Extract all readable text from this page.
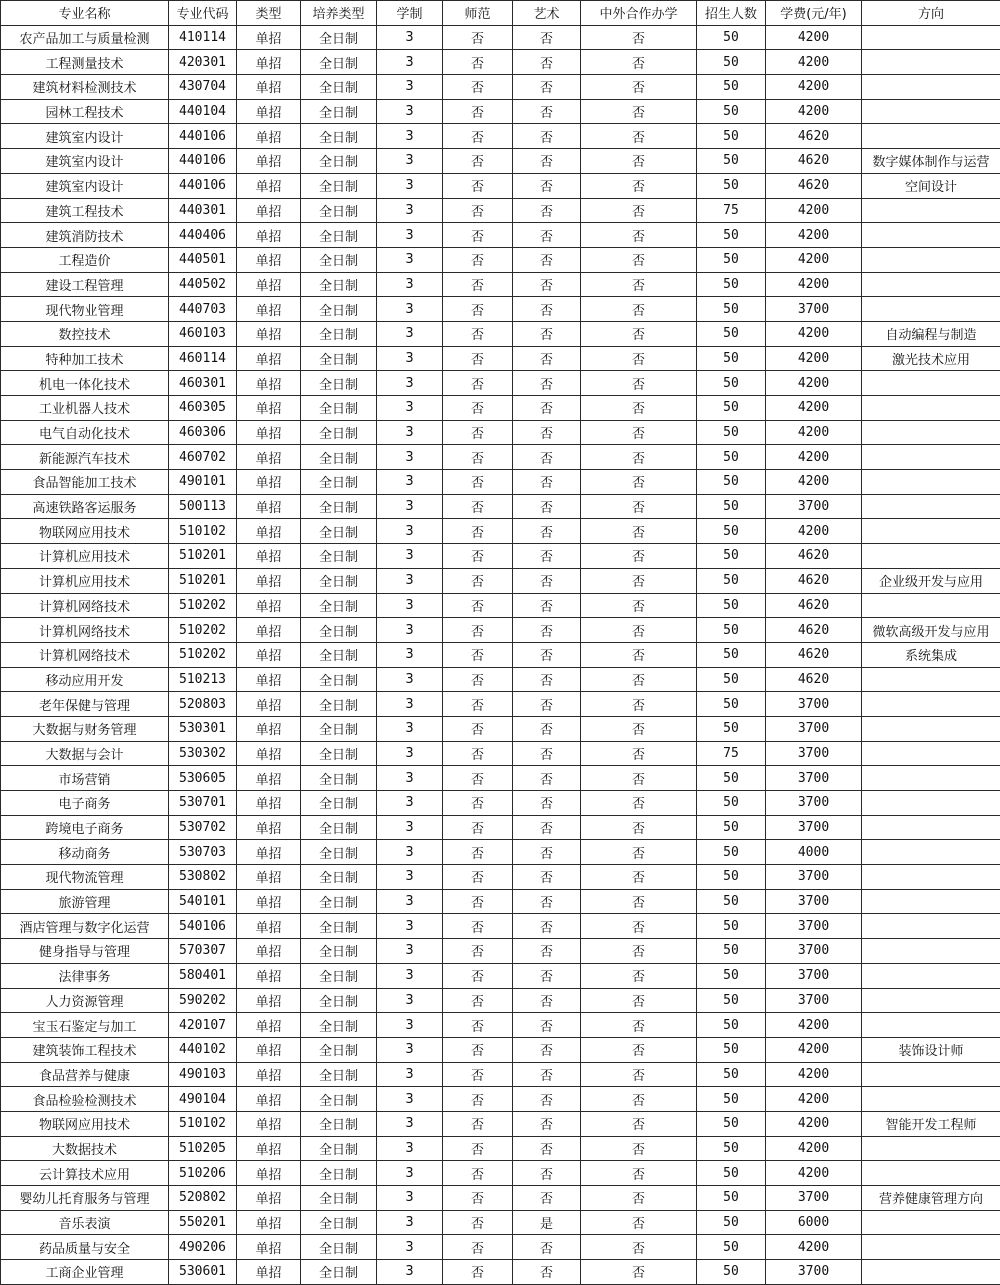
专业名称	专业代码	类型	培养类型	学制	师范	艺术	中外合作办学	招生人数	学费(元/年)	方向
农产品加工与质量检测	410114	单招	全日制	3	否	否	否	50	4200	
工程测量技术	420301	单招	全日制	3	否	否	否	50	4200	
建筑材料检测技术	430704	单招	全日制	3	否	否	否	50	4200	
园林工程技术	440104	单招	全日制	3	否	否	否	50	4200	
建筑室内设计	440106	单招	全日制	3	否	否	否	50	4620	
建筑室内设计	440106	单招	全日制	3	否	否	否	50	4620	数字媒体制作与运营
建筑室内设计	440106	单招	全日制	3	否	否	否	50	4620	空间设计
建筑工程技术	440301	单招	全日制	3	否	否	否	75	4200	
建筑消防技术	440406	单招	全日制	3	否	否	否	50	4200	
工程造价	440501	单招	全日制	3	否	否	否	50	4200	
建设工程管理	440502	单招	全日制	3	否	否	否	50	4200	
现代物业管理	440703	单招	全日制	3	否	否	否	50	3700	
数控技术	460103	单招	全日制	3	否	否	否	50	4200	自动编程与制造
特种加工技术	460114	单招	全日制	3	否	否	否	50	4200	激光技术应用
机电一体化技术	460301	单招	全日制	3	否	否	否	50	4200	
工业机器人技术	460305	单招	全日制	3	否	否	否	50	4200	
电气自动化技术	460306	单招	全日制	3	否	否	否	50	4200	
新能源汽车技术	460702	单招	全日制	3	否	否	否	50	4200	
食品智能加工技术	490101	单招	全日制	3	否	否	否	50	4200	
高速铁路客运服务	500113	单招	全日制	3	否	否	否	50	3700	
物联网应用技术	510102	单招	全日制	3	否	否	否	50	4200	
计算机应用技术	510201	单招	全日制	3	否	否	否	50	4620	
计算机应用技术	510201	单招	全日制	3	否	否	否	50	4620	企业级开发与应用
计算机网络技术	510202	单招	全日制	3	否	否	否	50	4620	
计算机网络技术	510202	单招	全日制	3	否	否	否	50	4620	微软高级开发与应用
计算机网络技术	510202	单招	全日制	3	否	否	否	50	4620	系统集成
移动应用开发	510213	单招	全日制	3	否	否	否	50	4620	
老年保健与管理	520803	单招	全日制	3	否	否	否	50	3700	
大数据与财务管理	530301	单招	全日制	3	否	否	否	50	3700	
大数据与会计	530302	单招	全日制	3	否	否	否	75	3700	
市场营销	530605	单招	全日制	3	否	否	否	50	3700	
电子商务	530701	单招	全日制	3	否	否	否	50	3700	
跨境电子商务	530702	单招	全日制	3	否	否	否	50	3700	
移动商务	530703	单招	全日制	3	否	否	否	50	4000	
现代物流管理	530802	单招	全日制	3	否	否	否	50	3700	
旅游管理	540101	单招	全日制	3	否	否	否	50	3700	
酒店管理与数字化运营	540106	单招	全日制	3	否	否	否	50	3700	
健身指导与管理	570307	单招	全日制	3	否	否	否	50	3700	
法律事务	580401	单招	全日制	3	否	否	否	50	3700	
人力资源管理	590202	单招	全日制	3	否	否	否	50	3700	
宝玉石鉴定与加工	420107	单招	全日制	3	否	否	否	50	4200	
建筑装饰工程技术	440102	单招	全日制	3	否	否	否	50	4200	装饰设计师
食品营养与健康	490103	单招	全日制	3	否	否	否	50	4200	
食品检验检测技术	490104	单招	全日制	3	否	否	否	50	4200	
物联网应用技术	510102	单招	全日制	3	否	否	否	50	4200	智能开发工程师
大数据技术	510205	单招	全日制	3	否	否	否	50	4200	
云计算技术应用	510206	单招	全日制	3	否	否	否	50	4200	
婴幼儿托育服务与管理	520802	单招	全日制	3	否	否	否	50	3700	营养健康管理方向
音乐表演	550201	单招	全日制	3	否	是	否	50	6000	
药品质量与安全	490206	单招	全日制	3	否	否	否	50	4200	
工商企业管理	530601	单招	全日制	3	否	否	否	50	3700	
